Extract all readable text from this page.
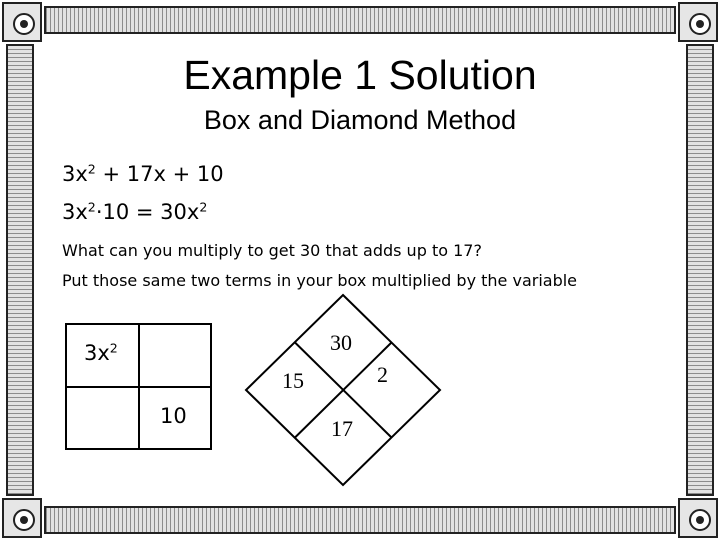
Example 1 Solution
Box and Diamond Method
$3x^2 + 17x + 10$
$3x^2\cdot 10 = 30x^2$
What can you multiply to get 30 that adds up to 17?
Put those same two terms in your box multiplied by the variable
$3x^2$
10
30
2
15
17
